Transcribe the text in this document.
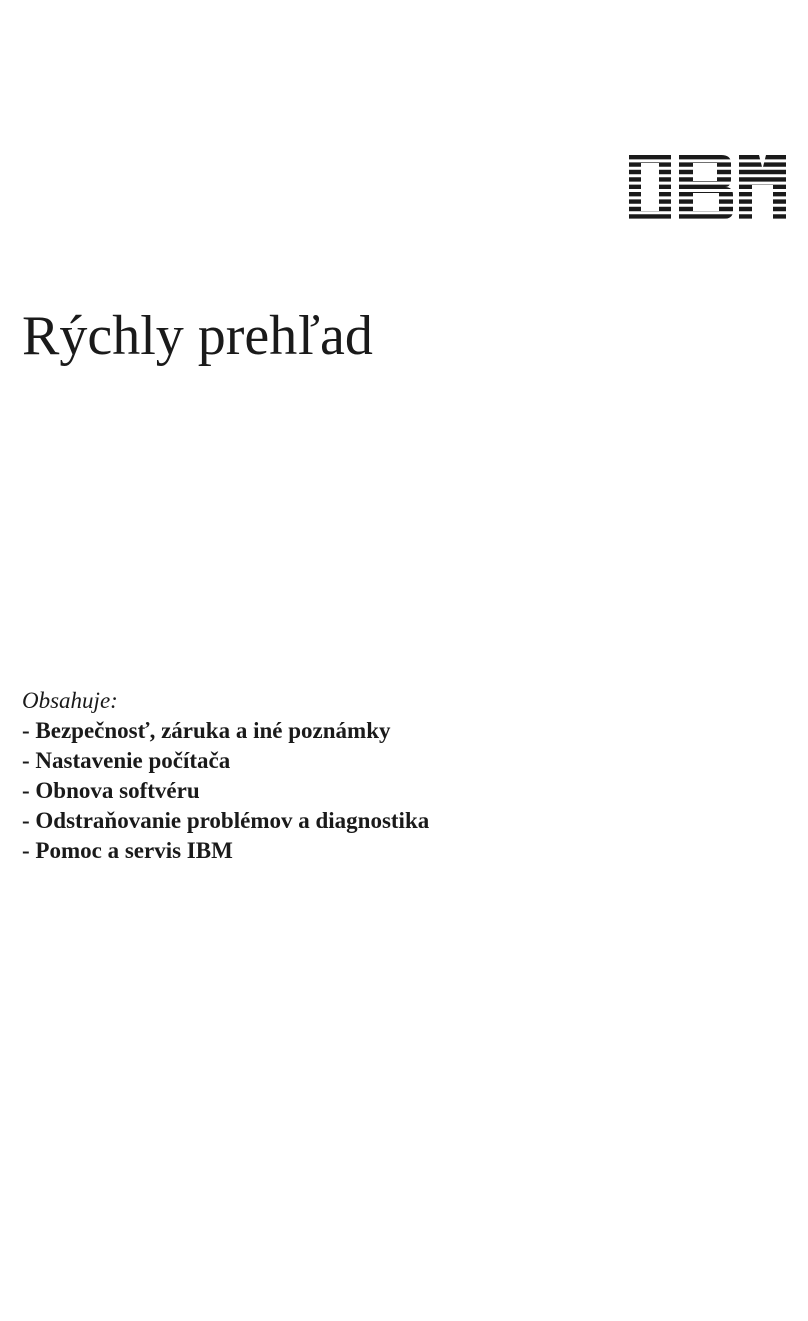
Rýchly prehľad
Obsahuje:
- Bezpečnosť, záruka a iné poznámky
- Nastavenie počítača
- Obnova softvéru
- Odstraňovanie problémov a diagnostika
- Pomoc a servis IBM
